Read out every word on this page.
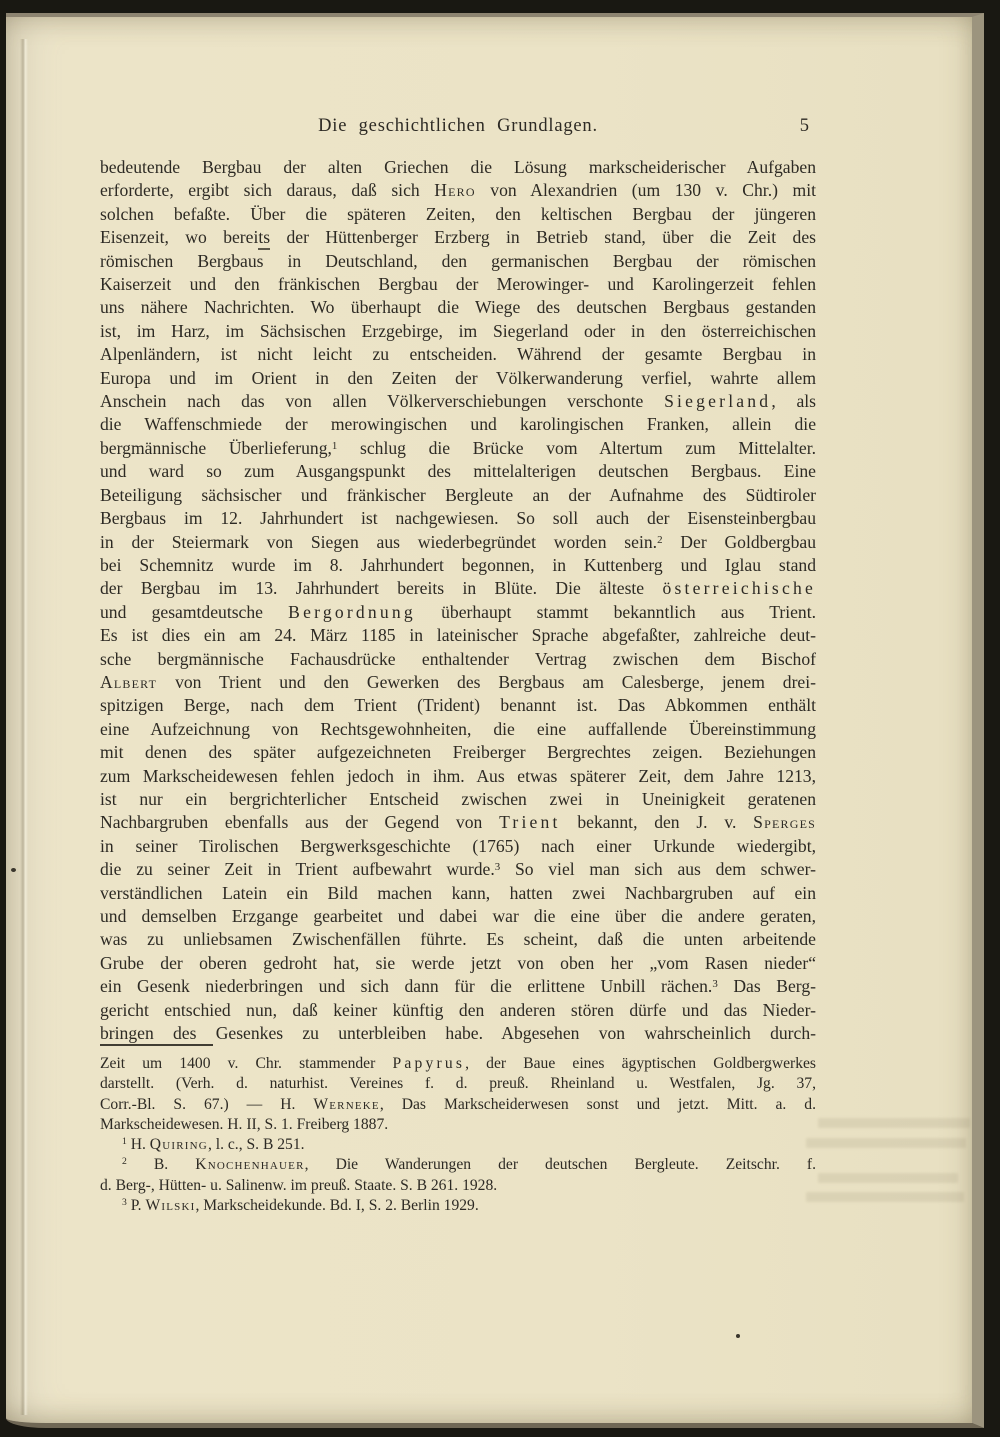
Die geschichtlichen Grundlagen.	5
bedeutende Bergbau der alten Griechen die Lösung markscheiderischer Aufgaben
erforderte, ergibt sich daraus, daß sich Hero von Alexandrien (um 130 v. Chr.) mit
solchen befaßte. Über die späteren Zeiten, den keltischen Bergbau der jüngeren
Eisenzeit, wo bereits der Hüttenberger Erzberg in Betrieb stand, über die Zeit des
römischen Bergbaus in Deutschland, den germanischen Bergbau der römischen
Kaiserzeit und den fränkischen Bergbau der Merowinger- und Karolingerzeit fehlen
uns nähere Nachrichten. Wo überhaupt die Wiege des deutschen Bergbaus gestanden
ist, im Harz, im Sächsischen Erzgebirge, im Siegerland oder in den österreichischen
Alpenländern, ist nicht leicht zu entscheiden. Während der gesamte Bergbau in
Europa und im Orient in den Zeiten der Völkerwanderung verfiel, wahrte allem
Anschein nach das von allen Völkerverschiebungen verschonte Siegerland, als
die Waffenschmiede der merowingischen und karolingischen Franken, allein die
bergmännische Überlieferung,$^1$ schlug die Brücke vom Altertum zum Mittelalter.
und ward so zum Ausgangspunkt des mittelalterigen deutschen Bergbaus. Eine
Beteiligung sächsischer und fränkischer Bergleute an der Aufnahme des Südtiroler
Bergbaus im 12. Jahrhundert ist nachgewiesen. So soll auch der Eisensteinbergbau
in der Steiermark von Siegen aus wiederbegründet worden sein.$^2$ Der Goldbergbau
bei Schemnitz wurde im 8. Jahrhundert begonnen, in Kuttenberg und Iglau stand
der Bergbau im 13. Jahrhundert bereits in Blüte. Die älteste österreichische
und gesamtdeutsche Bergordnung überhaupt stammt bekanntlich aus Trient.
Es ist dies ein am 24. März 1185 in lateinischer Sprache abgefaßter, zahlreiche deut-
sche bergmännische Fachausdrücke enthaltender Vertrag zwischen dem Bischof
Albert von Trient und den Gewerken des Bergbaus am Calesberge, jenem drei-
spitzigen Berge, nach dem Trient (Trident) benannt ist. Das Abkommen enthält
eine Aufzeichnung von Rechtsgewohnheiten, die eine auffallende Übereinstimmung
mit denen des später aufgezeichneten Freiberger Bergrechtes zeigen. Beziehungen
zum Markscheidewesen fehlen jedoch in ihm. Aus etwas späterer Zeit, dem Jahre 1213,
ist nur ein bergrichterlicher Entscheid zwischen zwei in Uneinigkeit geratenen
Nachbargruben ebenfalls aus der Gegend von Trient bekannt, den J. v. Sperges
in seiner Tirolischen Bergwerksgeschichte (1765) nach einer Urkunde wiedergibt,
die zu seiner Zeit in Trient aufbewahrt wurde.$^3$ So viel man sich aus dem schwer-
verständlichen Latein ein Bild machen kann, hatten zwei Nachbargruben auf ein
und demselben Erzgange gearbeitet und dabei war die eine über die andere geraten,
was zu unliebsamen Zwischenfällen führte. Es scheint, daß die unten arbeitende
Grube der oberen gedroht hat, sie werde jetzt von oben her „vom Rasen nieder“
ein Gesenk niederbringen und sich dann für die erlittene Unbill rächen.$^3$ Das Berg-
gericht entschied nun, daß keiner künftig den anderen stören dürfe und das Nieder-
bringen des Gesenkes zu unterbleiben habe. Abgesehen von wahrscheinlich durch-
Zeit um 1400 v. Chr. stammender Papyrus, der Baue eines ägyptischen Goldbergwerkes
darstellt. (Verh. d. naturhist. Vereines f. d. preuß. Rheinland u. Westfalen, Jg. 37,
Corr.-Bl. S. 67.) — H. Werneke, Das Markscheiderwesen sonst und jetzt. Mitt. a. d.
Markscheidewesen. H. II, S. 1. Freiberg 1887.
$^1$ H. Quiring, l. c., S. B 251.
$^2$ B. Knochenhauer, Die Wanderungen der deutschen Bergleute. Zeitschr. f.
d. Berg-, Hütten- u. Salinenw. im preuß. Staate. S. B 261. 1928.
$^3$ P. Wilski, Markscheidekunde. Bd. I, S. 2. Berlin 1929.
